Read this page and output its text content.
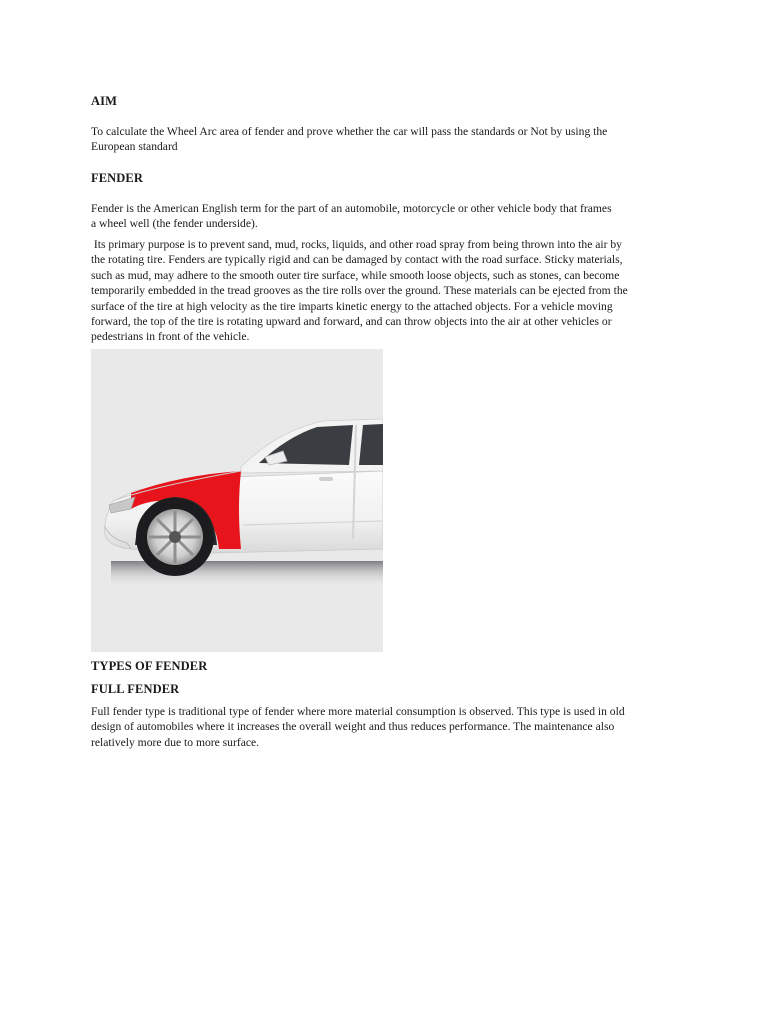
AIM

To calculate the Wheel Arc area of fender and prove whether the car will pass the standards or Not by using the
European standard

FENDER

Fender is the American English term for the part of an automobile, motorcycle or other vehicle body that frames
a wheel well (the fender underside).

Its primary purpose is to prevent sand, mud, rocks, liquids, and other road spray from being thrown into the air by
the rotating tire. Fenders are typically rigid and can be damaged by contact with the road surface. Sticky materials,
such as mud, may adhere to the smooth outer tire surface, while smooth loose objects, such as stones, can become
temporarily embedded in the tread grooves as the tire rolls over the ground. These materials can be ejected from the
surface of the tire at high velocity as the tire imparts kinetic energy to the attached objects. For a vehicle moving
forward, the top of the tire is rotating upward and forward, and can throw objects into the air at other vehicles or
pedestrians in front of the vehicle.

TYPES OF FENDER
FULL FENDER

Full fender type is traditional type of fender where more material consumption is observed. This type is used in old
design of automobiles where it increases the overall weight and thus reduces performance. The maintenance also
relatively more due to more surface.
